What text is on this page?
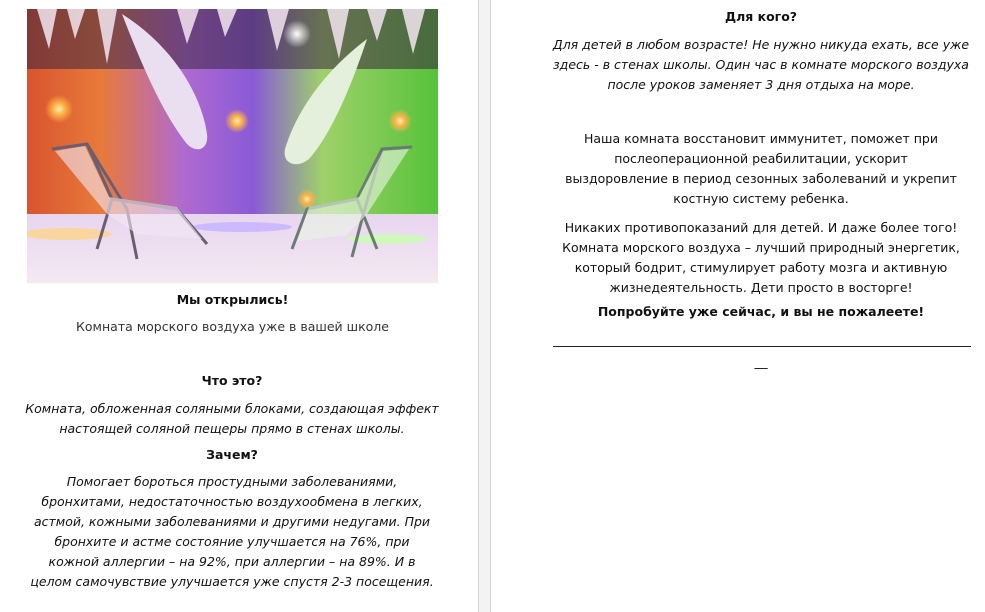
Мы открылись!
Комната морского воздуха уже в вашей школе
Что это?
Комната, обложенная соляными блоками, создающая эффект настоящей соляной пещеры прямо в стенах школы.
Зачем?
Помогает бороться простудными заболеваниями, бронхитами, недостаточностью воздухообмена в легких, астмой, кожными заболеваниями и другими недугами. При бронхите и астме состояние улучшается на 76%, при кожной аллергии – на 92%, при аллергии – на 89%. И в целом самочувствие улучшается уже спустя 2-3 посещения.
Для кого?
Для детей в любом возрасте! Не нужно никуда ехать, все уже здесь - в стенах школы. Один час в комнате морского воздуха после уроков заменяет 3 дня отдыха на море.
Наша комната восстановит иммунитет, поможет при послеоперационной реабилитации, ускорит выздоровление в период сезонных заболеваний и укрепит костную систему ребенка.
Никаких противопоказаний для детей. И даже более того! Комната морского воздуха – лучший природный энергетик, который бодрит, стимулирует работу мозга и активную жизнедеятельность. Дети просто в восторге!
Попробуйте уже сейчас, и вы не пожалеете!
__
